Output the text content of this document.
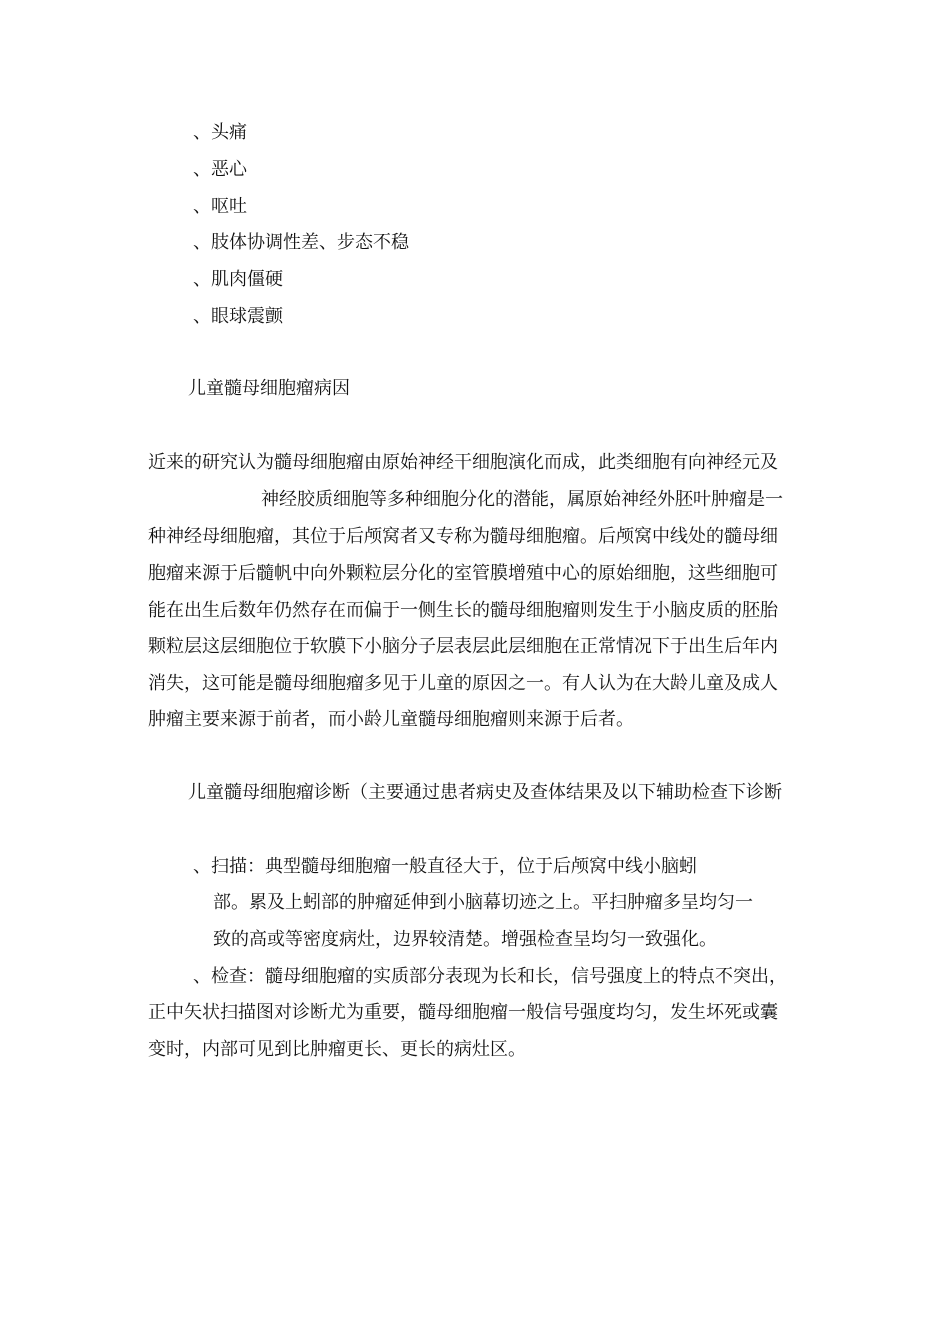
、头痛
、恶心
、呕吐
、肢体协调性差、步态不稳
、肌肉僵硬
、眼球震颤
儿童髓母细胞瘤病因
近来的研究认为髓母细胞瘤由原始神经干细胞演化而成，此类细胞有向神经元及
神经胶质细胞等多种细胞分化的潜能，属原始神经外胚叶肿瘤是一
种神经母细胞瘤，其位于后颅窝者又专称为髓母细胞瘤。后颅窝中线处的髓母细
胞瘤来源于后髓帆中向外颗粒层分化的室管膜增殖中心的原始细胞，这些细胞可
能在出生后数年仍然存在而偏于一侧生长的髓母细胞瘤则发生于小脑皮质的胚胎
颗粒层这层细胞位于软膜下小脑分子层表层此层细胞在正常情况下于出生后年内
消失，这可能是髓母细胞瘤多见于儿童的原因之一。有人认为在大龄儿童及成人
肿瘤主要来源于前者，而小龄儿童髓母细胞瘤则来源于后者。
儿童髓母细胞瘤诊断（主要通过患者病史及查体结果及以下辅助检查下诊断
、扫描：典型髓母细胞瘤一般直径大于，位于后颅窝中线小脑蚓
部。累及上蚓部的肿瘤延伸到小脑幕切迹之上。平扫肿瘤多呈均匀一
致的高或等密度病灶，边界较清楚。增强检查呈均匀一致强化。
、检查：髓母细胞瘤的实质部分表现为长和长，信号强度上的特点不突出，
正中矢状扫描图对诊断尤为重要，髓母细胞瘤一般信号强度均匀，发生坏死或囊
变时，内部可见到比肿瘤更长、更长的病灶区。
